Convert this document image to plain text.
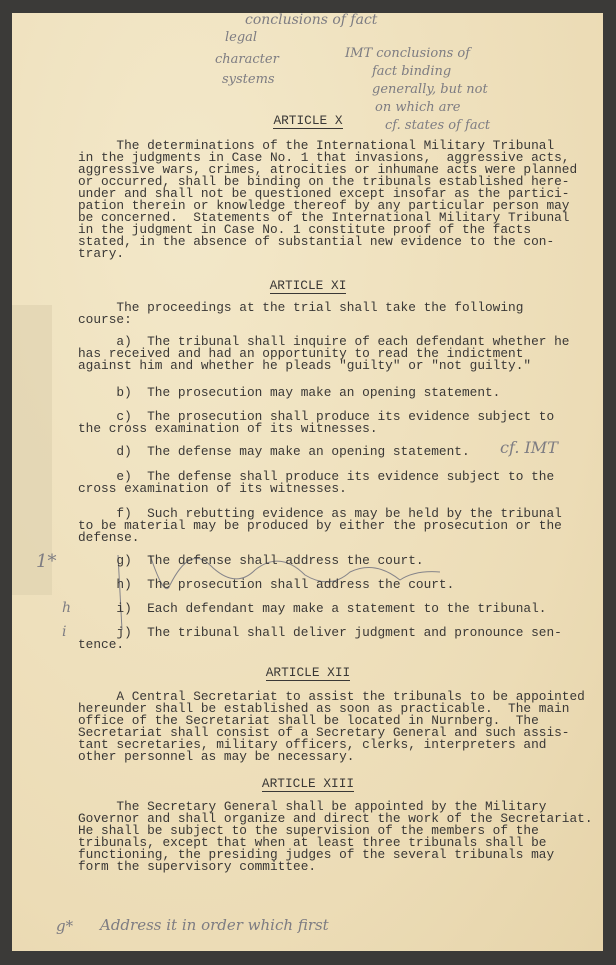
conclusions of fact
legal
character
systems
IMT conclusions of
fact binding
generally, but not
on which are
cf. states of fact
cf. IMT
1*
h
i
g* Address it in order which first
ARTICLE X
The determinations of the International Military Tribunal
in the judgments in Case No. 1 that invasions,  aggressive acts,
aggressive wars, crimes, atrocities or inhumane acts were planned
or occurred, shall be binding on the tribunals established here-
under and shall not be questioned except insofar as the partici-
pation therein or knowledge thereof by any particular person may
be concerned.  Statements of the International Military Tribunal
in the judgment in Case No. 1 constitute proof of the facts
stated, in the absence of substantial new evidence to the con-
trary.
ARTICLE XI
The proceedings at the trial shall take the following
course:
a)  The tribunal shall inquire of each defendant whether he
has received and had an opportunity to read the indictment
against him and whether he pleads "guilty" or "not guilty."
b)  The prosecution may make an opening statement.
c)  The prosecution shall produce its evidence subject to
the cross examination of its witnesses.
d)  The defense may make an opening statement.
e)  The defense shall produce its evidence subject to the
cross examination of its witnesses.
f)  Such rebutting evidence as may be held by the tribunal
to be material may be produced by either the prosecution or the
defense.
g)  The defense shall address the court.
h)  The prosecution shall address the court.
i)  Each defendant may make a statement to the tribunal.
j)  The tribunal shall deliver judgment and pronounce sen-
tence.
ARTICLE XII
A Central Secretariat to assist the tribunals to be appointed
hereunder shall be established as soon as practicable.  The main
office of the Secretariat shall be located in Nurnberg.  The
Secretariat shall consist of a Secretary General and such assis-
tant secretaries, military officers, clerks, interpreters and
other personnel as may be necessary.
ARTICLE XIII
The Secretary General shall be appointed by the Military
Governor and shall organize and direct the work of the Secretariat.
He shall be subject to the supervision of the members of the
tribunals, except that when at least three tribunals shall be
functioning, the presiding judges of the several tribunals may
form the supervisory committee.
